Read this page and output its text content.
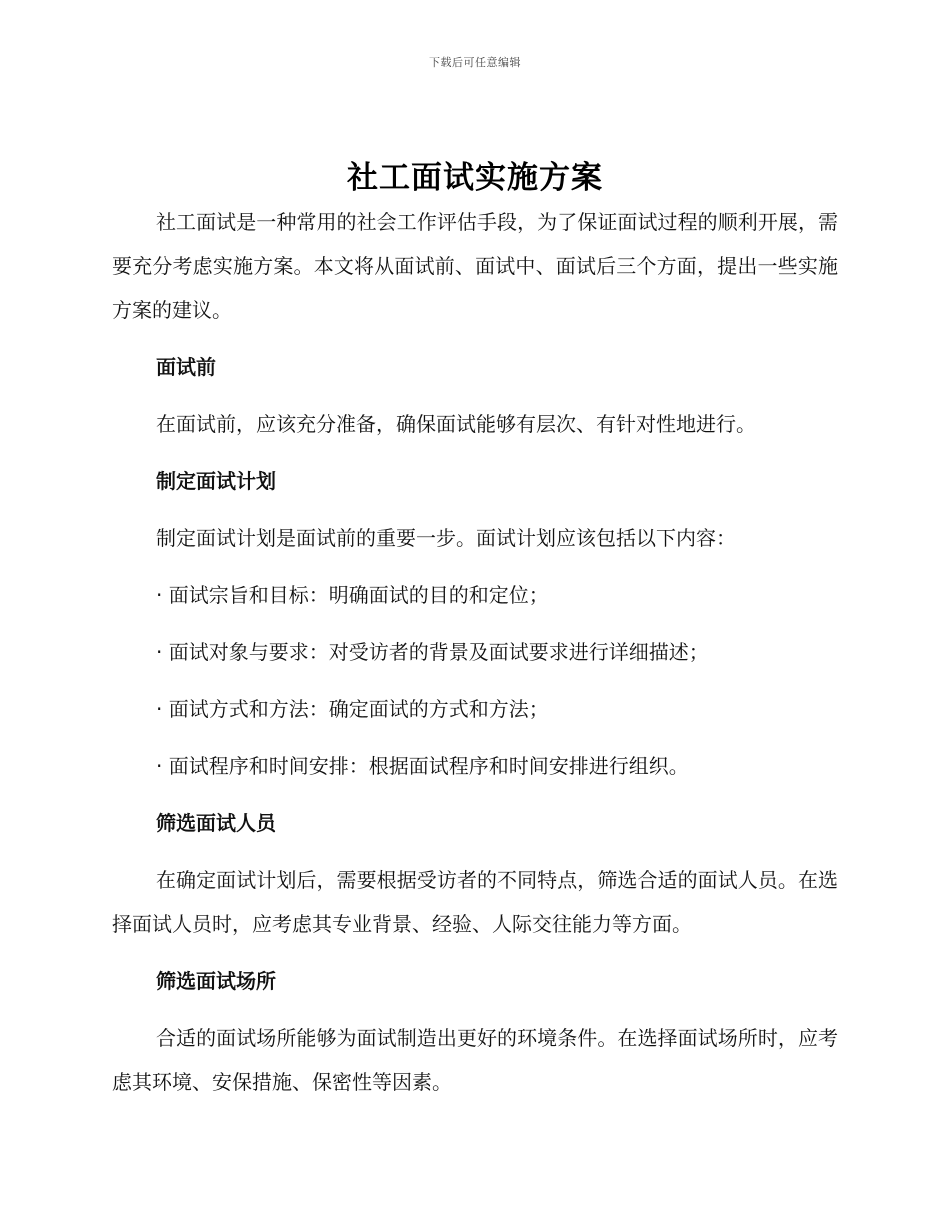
下载后可任意编辑
社工面试实施方案

社工面试是一种常用的社会工作评估手段，为了保证面试过程的顺利开展，需要充分考虑实施方案。本文将从面试前、面试中、面试后三个方面，提出一些实施方案的建议。

面试前

在面试前，应该充分准备，确保面试能够有层次、有针对性地进行。

制定面试计划

制定面试计划是面试前的重要一步。面试计划应该包括以下内容：

· 面试宗旨和目标：明确面试的目的和定位；
· 面试对象与要求：对受访者的背景及面试要求进行详细描述；
· 面试方式和方法：确定面试的方式和方法；
· 面试程序和时间安排：根据面试程序和时间安排进行组织。
筛选面试人员

在确定面试计划后，需要根据受访者的不同特点，筛选合适的面试人员。在选择面试人员时，应考虑其专业背景、经验、人际交往能力等方面。

筛选面试场所

合适的面试场所能够为面试制造出更好的环境条件。在选择面试场所时，应考虑其环境、安保措施、保密性等因素。
